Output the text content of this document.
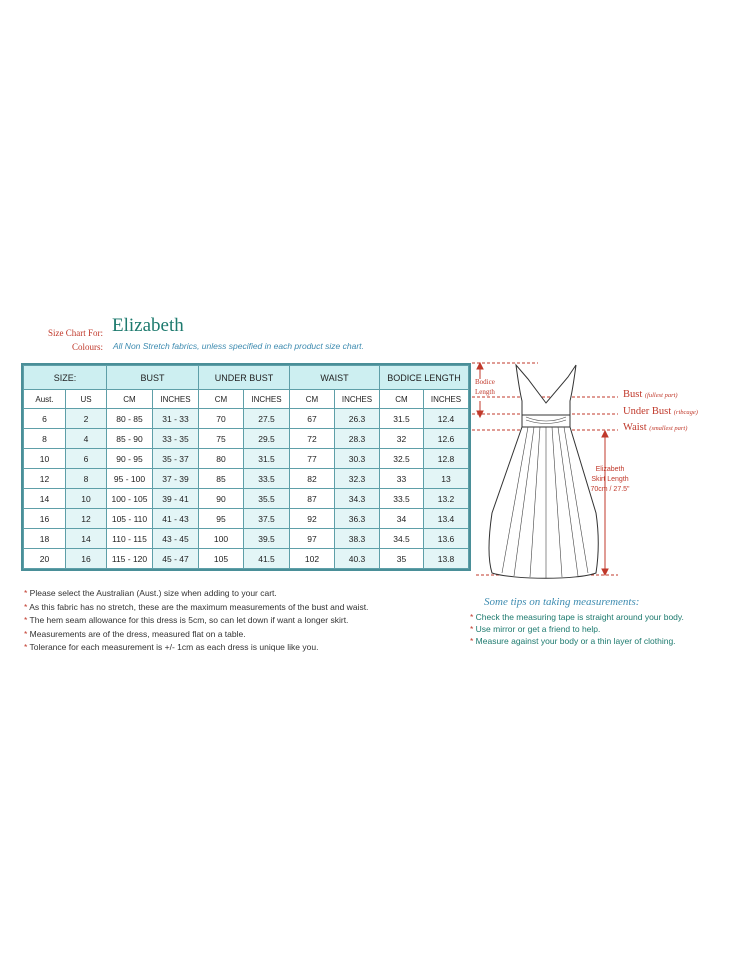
Size Chart For: Elizabeth
Colours: All Non Stretch fabrics, unless specified in each product size chart.
SIZE:		BUST		UNDER BUST		WAIST		BODICE LENGTH	
Aust.	US	CM	INCHES	CM	INCHES	CM	INCHES	CM	INCHES
6	2	80 - 85	31 - 33	70	27.5	67	26.3	31.5	12.4
8	4	85 - 90	33 - 35	75	29.5	72	28.3	32	12.6
10	6	90 - 95	35 - 37	80	31.5	77	30.3	32.5	12.8
12	8	95 - 100	37 - 39	85	33.5	82	32.3	33	13
14	10	100 - 105	39 - 41	90	35.5	87	34.3	33.5	13.2
16	12	105 - 110	41 - 43	95	37.5	92	36.3	34	13.4
18	14	110 - 115	43 - 45	100	39.5	97	38.3	34.5	13.6
20	16	115 - 120	45 - 47	105	41.5	102	40.3	35	13.8
* Please select the Australian (Aust.) size when adding to your cart.
* As this fabric has no stretch, these are the maximum measurements of the bust and waist.
* The hem seam allowance for this dress is 5cm, so can let down if want a longer skirt.
* Measurements are of the dress, measured flat on a table.
* Tolerance for each measurement is +/- 1cm as each dress is unique like you.
Bodice
Length	Bust (fullest part)
Under Bust (ribcage)
Waist (smallest part)
Elizabeth
Skirt Length
70cm / 27.5"
Some tips on taking measurements:
* Check the measuring tape is straight around your body.
* Use mirror or get a friend to help.
* Measure against your body or a thin layer of clothing.
